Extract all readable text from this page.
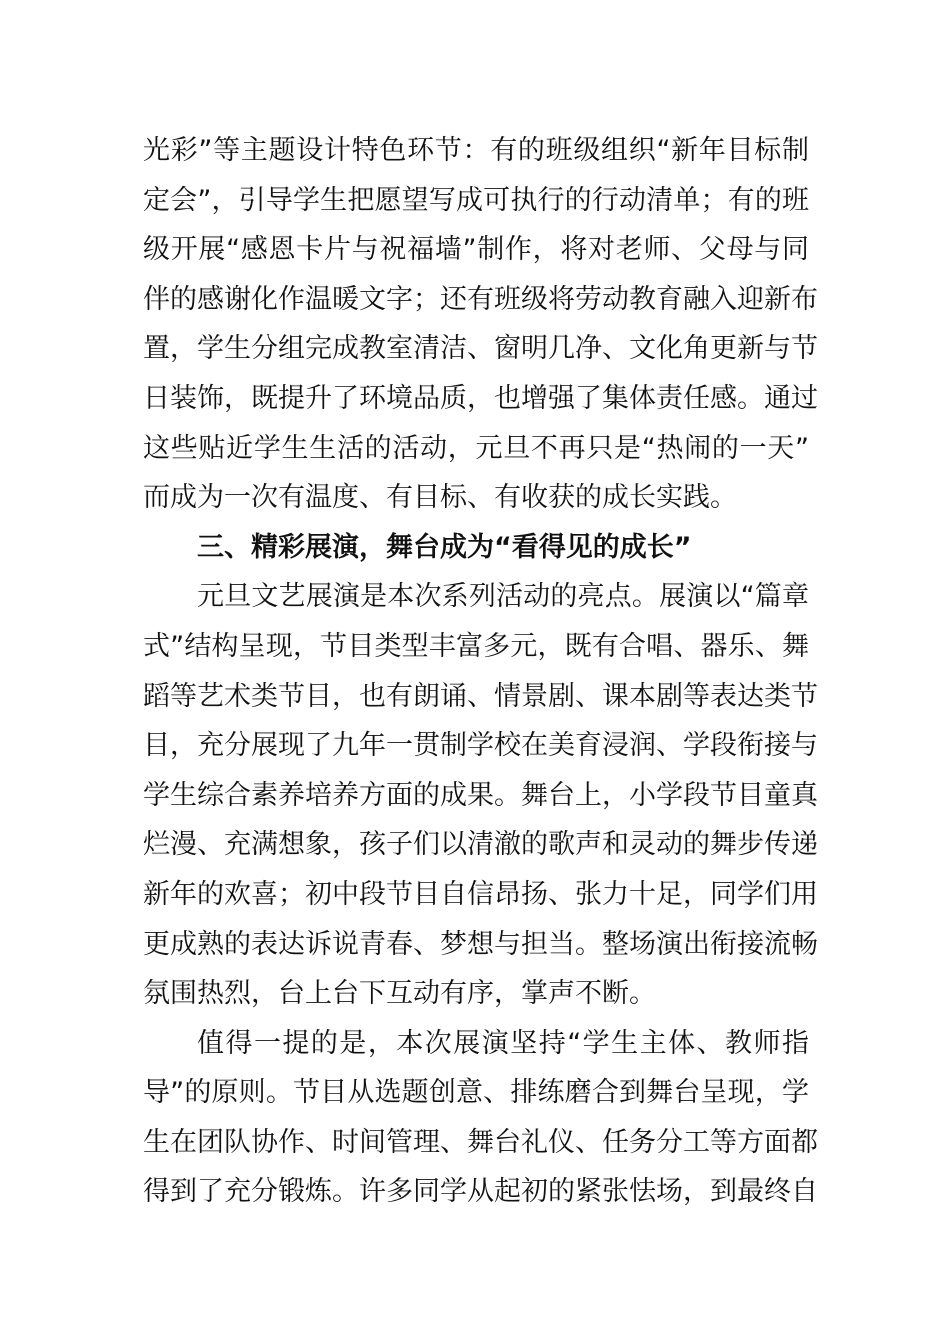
光彩”等主题设计特色环节：有的班级组织“新年目标制
定会”，引导学生把愿望写成可执行的行动清单；有的班
级开展“感恩卡片与祝福墙”制作，将对老师、父母与同
伴的感谢化作温暖文字；还有班级将劳动教育融入迎新布
置，学生分组完成教室清洁、窗明几净、文化角更新与节
日装饰，既提升了环境品质，也增强了集体责任感。通过
这些贴近学生生活的活动，元旦不再只是“热闹的一天”
而成为一次有温度、有目标、有收获的成长实践。
三、精彩展演，舞台成为“看得见的成长”
元旦文艺展演是本次系列活动的亮点。展演以“篇章
式”结构呈现，节目类型丰富多元，既有合唱、器乐、舞
蹈等艺术类节目，也有朗诵、情景剧、课本剧等表达类节
目，充分展现了九年一贯制学校在美育浸润、学段衔接与
学生综合素养培养方面的成果。舞台上，小学段节目童真
烂漫、充满想象，孩子们以清澈的歌声和灵动的舞步传递
新年的欢喜；初中段节目自信昂扬、张力十足，同学们用
更成熟的表达诉说青春、梦想与担当。整场演出衔接流畅
氛围热烈，台上台下互动有序，掌声不断。
值得一提的是，本次展演坚持“学生主体、教师指
导”的原则。节目从选题创意、排练磨合到舞台呈现，学
生在团队协作、时间管理、舞台礼仪、任务分工等方面都
得到了充分锻炼。许多同学从起初的紧张怯场，到最终自
